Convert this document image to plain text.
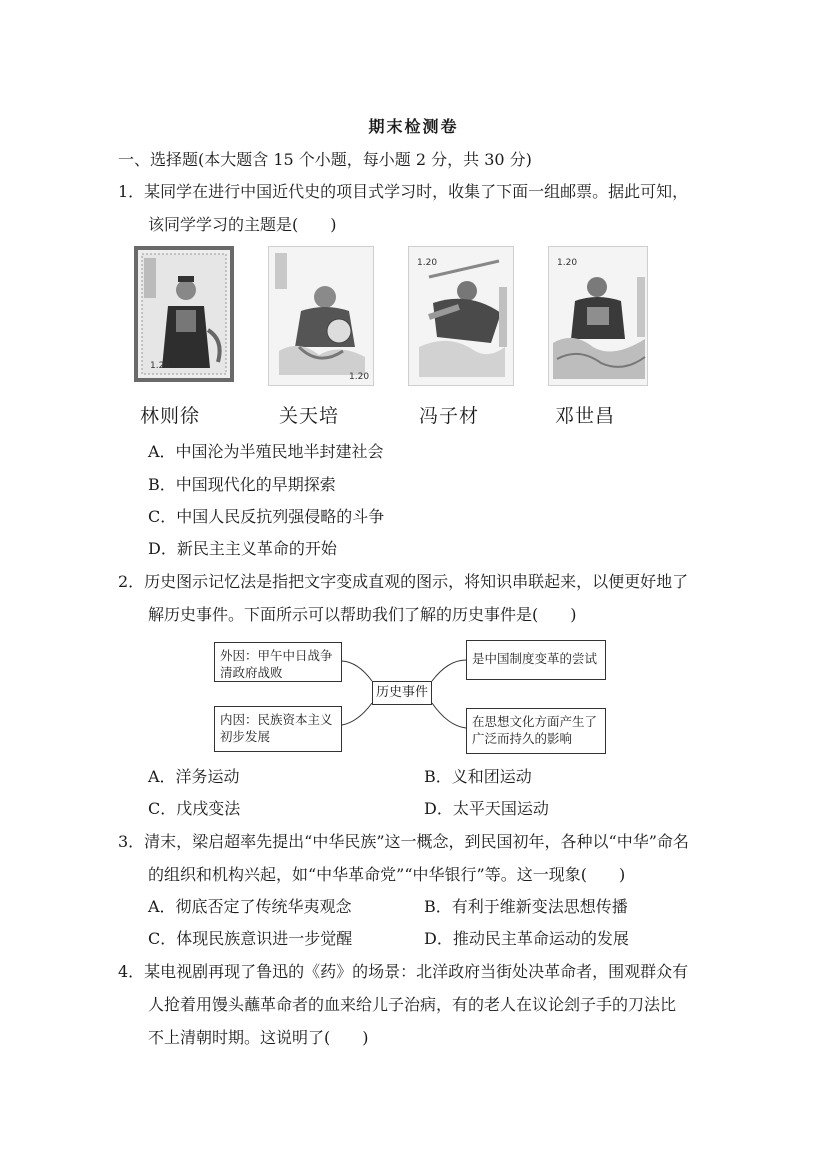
期末检测卷
一、选择题(本大题含 15 个小题，每小题 2 分，共 30 分)
1．某同学在进行中国近代史的项目式学习时，收集了下面一组邮票。据此可知，
该同学学习的主题是(　　)
1.20
林则徐
1.20
关天培
1.20
冯子材
1.20
邓世昌
A．中国沦为半殖民地半封建社会
B．中国现代化的早期探索
C．中国人民反抗列强侵略的斗争
D．新民主主义革命的开始
2．历史图示记忆法是指把文字变成直观的图示，将知识串联起来，以便更好地了
解历史事件。下面所示可以帮助我们了解的历史事件是(　　)
外因：甲午中日战争
清政府战败
内因：民族资本主义
初步发展
历史事件
是中国制度变革的尝试
在思想文化方面产生了
广泛而持久的影响
A．洋务运动	B．义和团运动
C．戊戌变法	D．太平天国运动
3．清末，梁启超率先提出“中华民族”这一概念，到民国初年，各种以“中华”命名
的组织和机构兴起，如“中华革命党”“中华银行”等。这一现象(　　)
A．彻底否定了传统华夷观念	B．有利于维新变法思想传播
C．体现民族意识进一步觉醒	D．推动民主革命运动的发展
4．某电视剧再现了鲁迅的《药》的场景：北洋政府当街处决革命者，围观群众有
人抢着用馒头蘸革命者的血来给儿子治病，有的老人在议论刽子手的刀法比
不上清朝时期。这说明了(　　)
